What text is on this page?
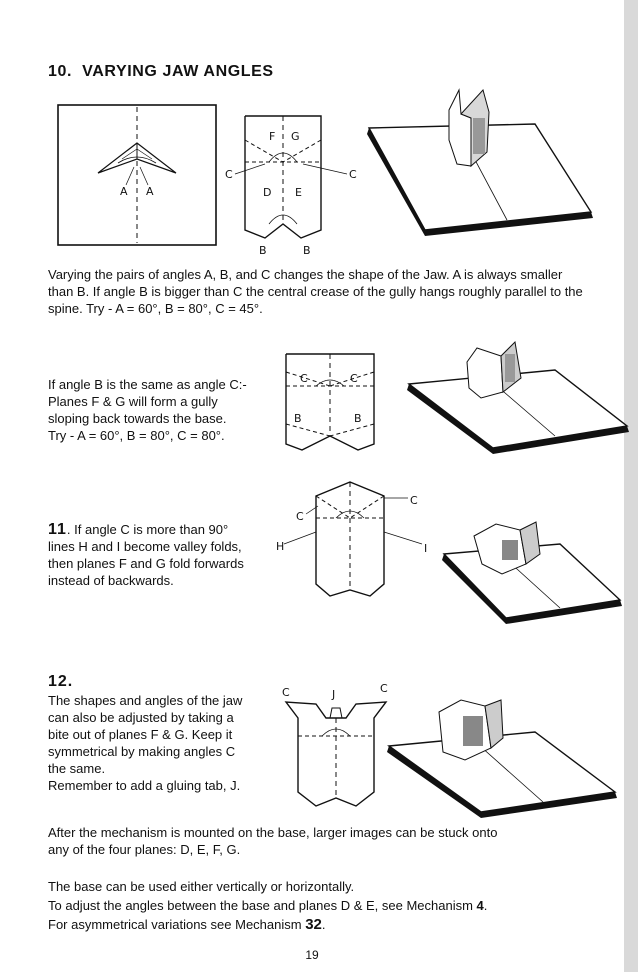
10. VARYING JAW ANGLES
A A
F G
D E
C	C
B	B
Varying the pairs of angles A, B, and C changes the shape of the Jaw. A is always smaller than B. If angle B is bigger than C the central crease of the gully hangs roughly parallel to the spine. Try - A = 60°, B = 80°, C = 45°.
If angle B is the same as angle C:-
Planes F & G will form a gully
sloping back towards the base.
Try - A = 60°, B = 80°, C = 80°.
C	C
B	B
11. If angle C is more than 90°
lines H and I become valley folds,
then planes F and G fold forwards
instead of backwards.
C
C
H	I
12.
The shapes and angles of the jaw
can also be adjusted by taking a
bite out of planes F & G. Keep it
symmetrical by making angles C
the same.
Remember to add a gluing tab, J.
C	J	C
After the mechanism is mounted on the base, larger images can be stuck onto
any of the four planes: D, E, F, G.
The base can be used either vertically or horizontally.
To adjust the angles between the base and planes D & E, see Mechanism 4.
For asymmetrical variations see Mechanism 32.
19
